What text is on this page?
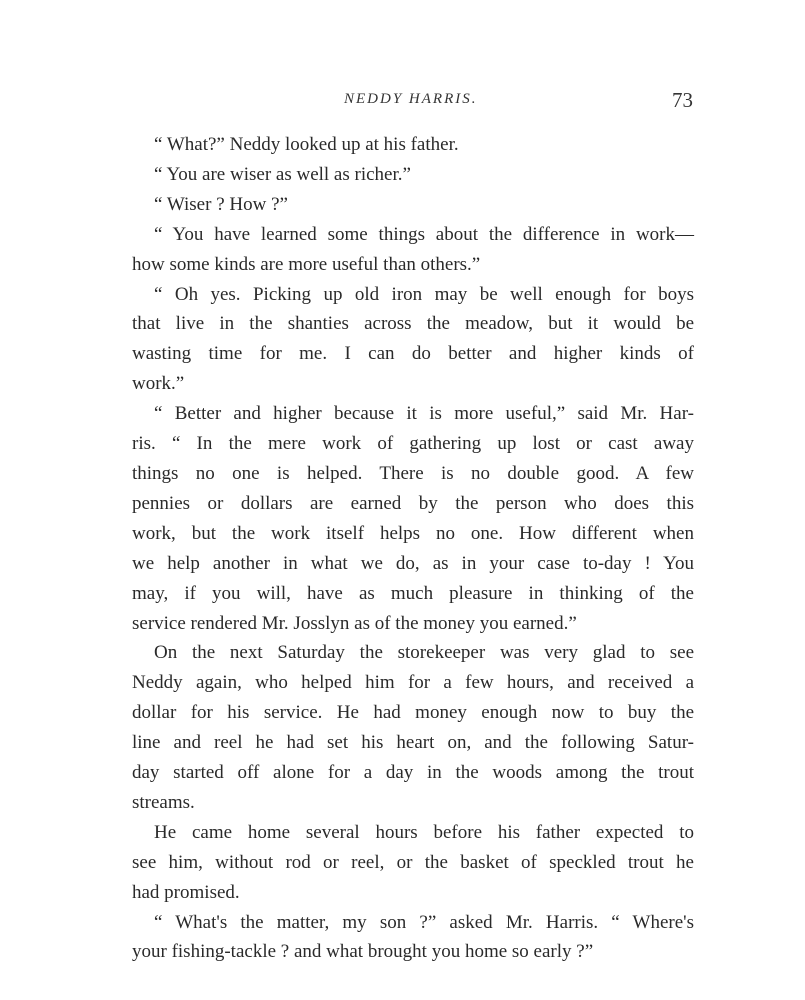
NEDDY HARRIS.	73
“ What?” Neddy looked up at his father.
“ You are wiser as well as richer.”
“ Wiser ? How ?”
“ You have learned some things about the difference in work—
how some kinds are more useful than others.”
“ Oh yes. Picking up old iron may be well enough for boys
that live in the shanties across the meadow, but it would be
wasting time for me. I can do better and higher kinds of
work.”
“ Better and higher because it is more useful,” said Mr. Har-
ris. “ In the mere work of gathering up lost or cast away
things no one is helped. There is no double good. A few
pennies or dollars are earned by the person who does this
work, but the work itself helps no one. How different when
we help another in what we do, as in your case to-day ! You
may, if you will, have as much pleasure in thinking of the
service rendered Mr. Josslyn as of the money you earned.”
On the next Saturday the storekeeper was very glad to see
Neddy again, who helped him for a few hours, and received a
dollar for his service. He had money enough now to buy the
line and reel he had set his heart on, and the following Satur-
day started off alone for a day in the woods among the trout
streams.
He came home several hours before his father expected to
see him, without rod or reel, or the basket of speckled trout he
had promised.
“ What's the matter, my son ?” asked Mr. Harris. “ Where's
your fishing-tackle ? and what brought you home so early ?”
